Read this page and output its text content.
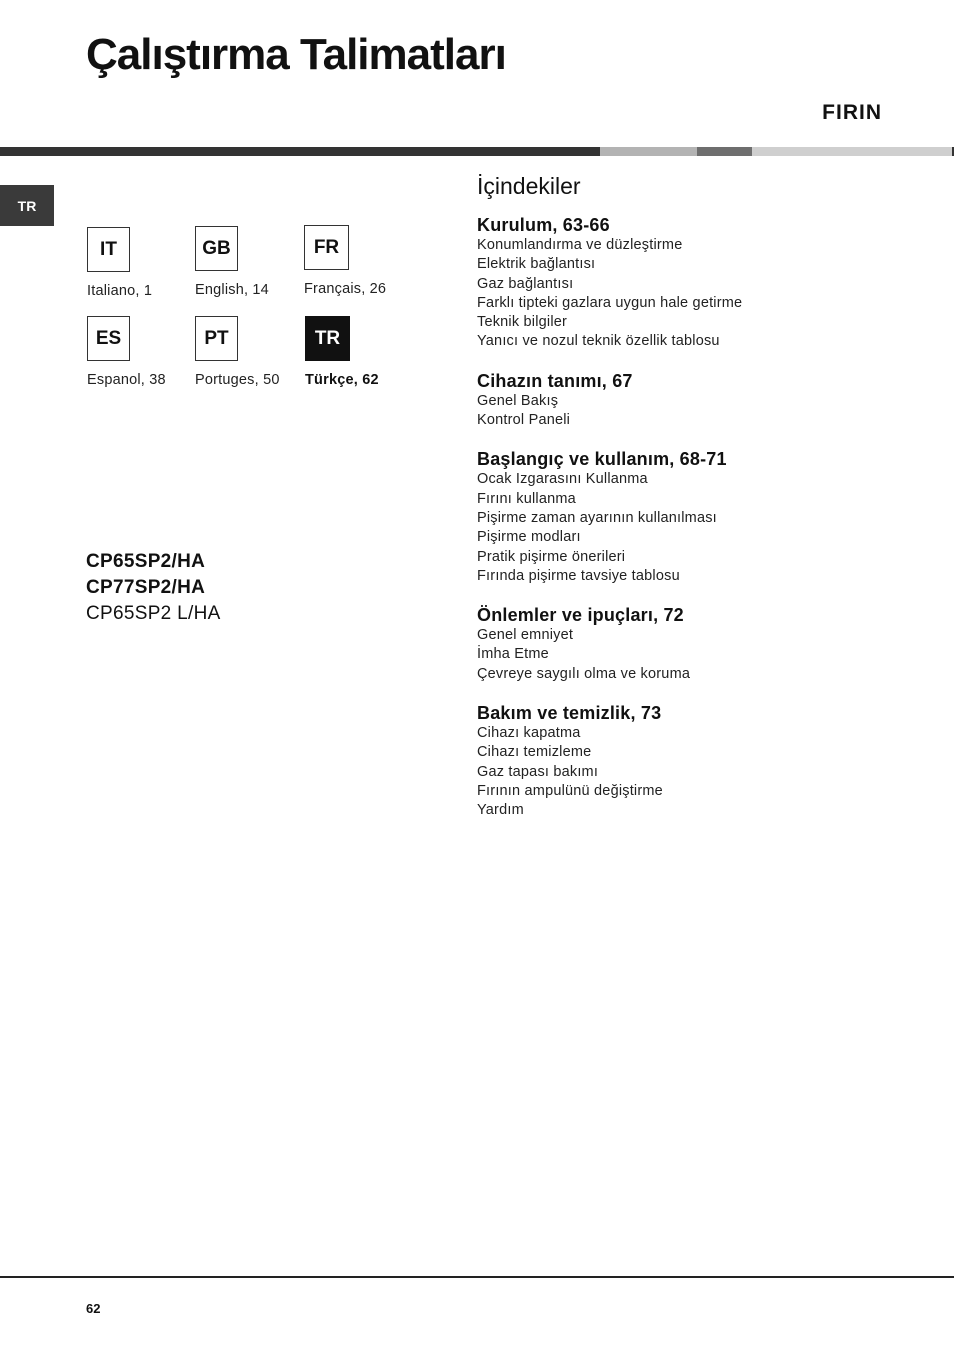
Çalıştırma Talimatları
FIRIN
TR
IT
Italiano, 1
GB
English, 14
FR
Français, 26
ES
Espanol, 38
PT
Portuges, 50
TR
Türkçe, 62
CP65SP2/HA
CP77SP2/HA
CP65SP2 L/HA
İçindekiler
Kurulum, 63-66
Konumlandırma ve düzleştirme
Elektrik bağlantısı
Gaz bağlantısı
Farklı tipteki gazlara uygun hale getirme
Teknik bilgiler
Yanıcı ve nozul teknik özellik tablosu
Cihazın tanımı, 67
Genel Bakış
Kontrol Paneli
Başlangıç ve kullanım, 68-71
Ocak Izgarasını Kullanma
Fırını kullanma
Pişirme zaman ayarının kullanılması
Pişirme modları
Pratik pişirme önerileri
Fırında pişirme tavsiye tablosu
Önlemler ve ipuçları, 72
Genel emniyet
İmha Etme
Çevreye saygılı olma ve koruma
Bakım ve temizlik, 73
Cihazı kapatma
Cihazı temizleme
Gaz tapası bakımı
Fırının ampulünü değiştirme
Yardım
62
